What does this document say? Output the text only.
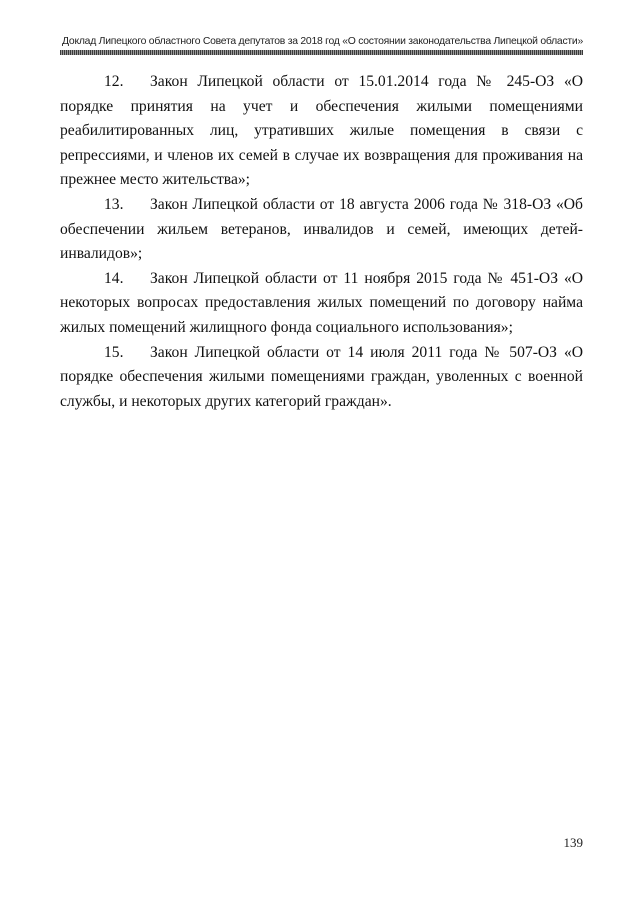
Доклад Липецкого областного Совета депутатов за 2018 год «О состоянии законодательства Липецкой области»

12. Закон Липецкой области от 15.01.2014 года № 245-ОЗ «О порядке принятия на учет и обеспечения жилыми помещениями реабилитированных лиц, утративших жилые помещения в связи с репрессиями, и членов их семей в случае их возвращения для проживания на прежнее место жительства»;

13. Закон Липецкой области от 18 августа 2006 года № 318-ОЗ «Об обеспечении жильем ветеранов, инвалидов и семей, имеющих детей-инвалидов»;

14. Закон Липецкой области от 11 ноября 2015 года № 451-ОЗ «О некоторых вопросах предоставления жилых помещений по договору найма жилых помещений жилищного фонда социального использования»;

15. Закон Липецкой области от 14 июля 2011 года № 507-ОЗ «О порядке обеспечения жилыми помещениями граждан, уволенных с военной службы, и некоторых других категорий граждан».

139
